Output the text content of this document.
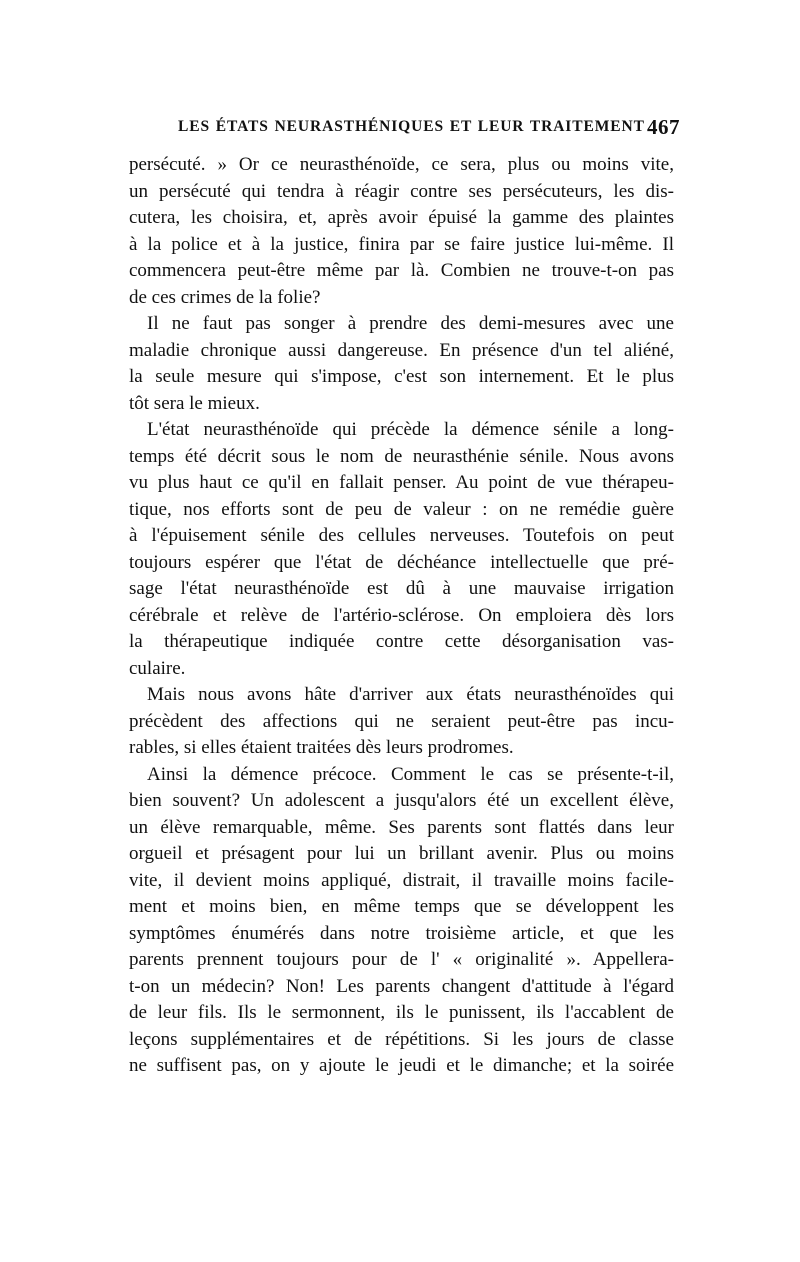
LES ÉTATS NEURASTHÉNIQUES ET LEUR TRAITEMENT 467
persécuté. » Or ce neurasthénoïde, ce sera, plus ou moins vite,
un persécuté qui tendra à réagir contre ses persécuteurs, les dis-
cutera, les choisira, et, après avoir épuisé la gamme des plaintes
à la police et à la justice, finira par se faire justice lui-même. Il
commencera peut-être même par là. Combien ne trouve-t-on pas
de ces crimes de la folie?
Il ne faut pas songer à prendre des demi-mesures avec une
maladie chronique aussi dangereuse. En présence d'un tel aliéné,
la seule mesure qui s'impose, c'est son internement. Et le plus
tôt sera le mieux.
L'état neurasthénoïde qui précède la démence sénile a long-
temps été décrit sous le nom de neurasthénie sénile. Nous avons
vu plus haut ce qu'il en fallait penser. Au point de vue thérapeu-
tique, nos efforts sont de peu de valeur : on ne remédie guère
à l'épuisement sénile des cellules nerveuses. Toutefois on peut
toujours espérer que l'état de déchéance intellectuelle que pré-
sage l'état neurasthénoïde est dû à une mauvaise irrigation
cérébrale et relève de l'artério-sclérose. On emploiera dès lors
la thérapeutique indiquée contre cette désorganisation vas-
culaire.
Mais nous avons hâte d'arriver aux états neurasthénoïdes qui
précèdent des affections qui ne seraient peut-être pas incu-
rables, si elles étaient traitées dès leurs prodromes.
Ainsi la démence précoce. Comment le cas se présente-t-il,
bien souvent? Un adolescent a jusqu'alors été un excellent élève,
un élève remarquable, même. Ses parents sont flattés dans leur
orgueil et présagent pour lui un brillant avenir. Plus ou moins
vite, il devient moins appliqué, distrait, il travaille moins facile-
ment et moins bien, en même temps que se développent les
symptômes énumérés dans notre troisième article, et que les
parents prennent toujours pour de l' « originalité ». Appellera-
t-on un médecin? Non! Les parents changent d'attitude à l'égard
de leur fils. Ils le sermonnent, ils le punissent, ils l'accablent de
leçons supplémentaires et de répétitions. Si les jours de classe
ne suffisent pas, on y ajoute le jeudi et le dimanche; et la soirée
